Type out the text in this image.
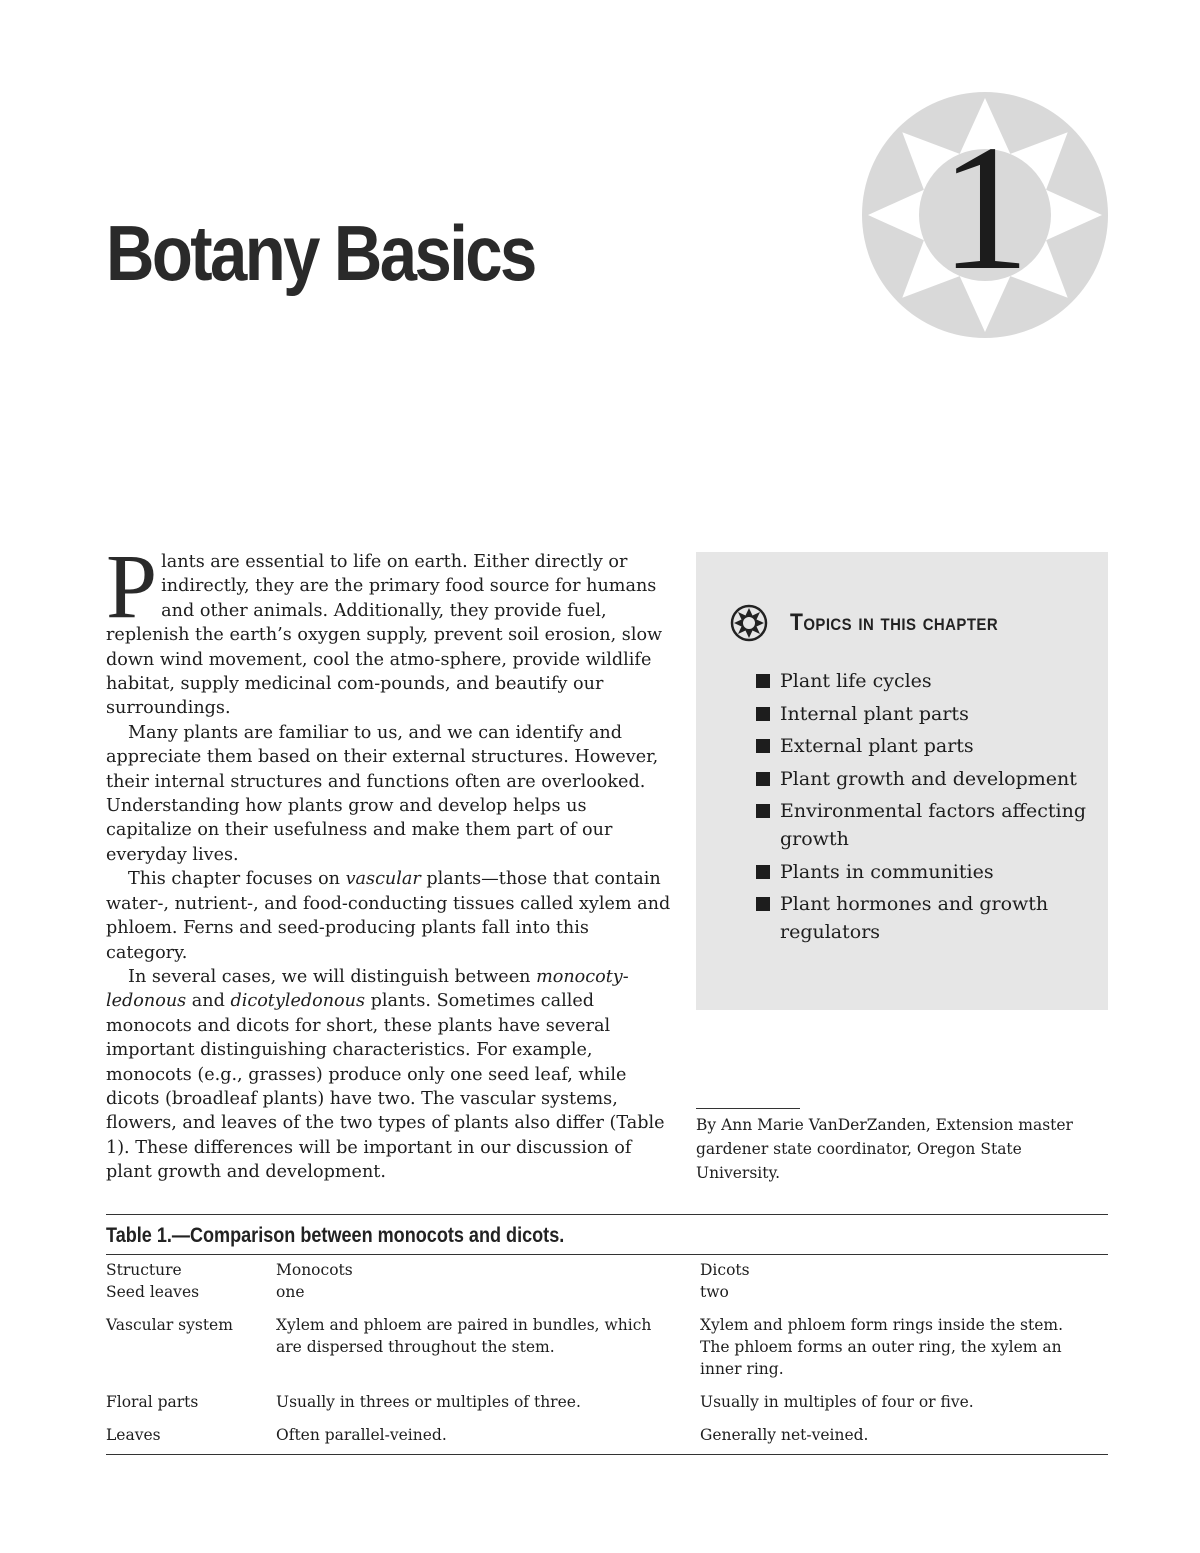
Botany Basics	1

Plants are essential to life on earth. Either directly or indirectly, they are the primary food source for humans and other animals. Additionally, they provide fuel, replenish the earth’s oxygen supply, prevent soil erosion, slow down wind movement, cool the atmo-sphere, provide wildlife habitat, supply medicinal com-pounds, and beautify our surroundings.

Many plants are familiar to us, and we can identify and appreciate them based on their external structures. However, their internal structures and functions often are overlooked. Understanding how plants grow and develop helps us capitalize on their usefulness and make them part of our everyday lives.

This chapter focuses on vascular plants—those that contain water-, nutrient-, and food-conducting tissues called xylem and phloem. Ferns and seed-producing plants fall into this category.

In several cases, we will distinguish between monocoty-ledonous and dicotyledonous plants. Sometimes called monocots and dicots for short, these plants have several important distinguishing characteristics. For example, monocots (e.g., grasses) produce only one seed leaf, while dicots (broadleaf plants) have two. The vascular systems, flowers, and leaves of the two types of plants also differ (Table 1). These differences will be important in our discussion of plant growth and development.

Topics in this chapter
Plant life cycles
Internal plant parts
External plant parts
Plant growth and development
Environmental factors affecting growth
Plants in communities
Plant hormones and growth regulators
By Ann Marie VanDerZanden, Extension master gardener state coordinator, Oregon State University.
Table 1.—Comparison between monocots and dicots.
Structure	Monocots	Dicots
Seed leaves	one	two
Vascular system	Xylem and phloem are paired in bundles, which are dispersed throughout the stem.	Xylem and phloem form rings inside the stem. The phloem forms an outer ring, the xylem an inner ring.
Floral parts	Usually in threes or multiples of three.	Usually in multiples of four or five.
Leaves	Often parallel-veined.	Generally net-veined.
